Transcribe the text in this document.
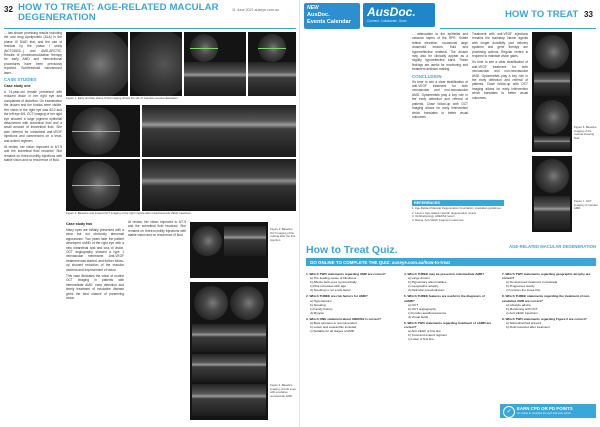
32 HOW TO TREAT: AGE-RELATED MACULAR DEGENERATION
11 June 2021 auseye.com.au

... has shown promising results including the oral drug Apoliprotein (ALA) in the phase III DIAD trial, and the use of residual by the phase I study (NCT04503...) and AMD-ARCTIC. Results of photobiomodulation therapy for early AMD and interventional procedures have been previously reported. Subthreshold nanosecond laser...

CASE STUDIES
Case study one

A 74-year-old female presented with reduced vision in her right eye and complained of distortion. On examination the drusen and the fundus were visible. Her vision in the right eye was 6/12 and the left eye 6/6. OCT imaging of her right eye showed a large pigment epithelial detachment with subretinal fluid and a small amount of intraretinal fluid. She was referred for intravitreal anti-VEGF injections and commenced on a treat-and-extend regimen.

At review, her vision improved to 6/7.5 and the subretinal fluid resolved. She remains on three-monthly injections with stable vision and no recurrence of fluid.

Figure 1. Early and late phase ICGA imaging shows the site of macular neovascularisation.
Figure 2. Baseline and treated OCT imaging of the right macula after intravitreal anti-VEGF treatment.
Case study two

Many eyes are initially presented with a clear but not obviously abnormal appearance. Two years later the patient developed nAMD of the right eye with a new intraretinal cyst and loss of vision. OCT angiography showed a type 1 neovascular membrane. Anti-VEGF treatment was started, and further follow-up showed reduction of the macular oedema and improvement of vision.

This case illustrates the value of routine OCT imaging in patients with intermediate AMD: early detection and timely treatment of exudative disease gives the best chance of preserving vision.

At review, her vision improved to 6/7.5 and the subretinal fluid resolved. She remains on three-monthly injections with stable vision and no recurrence of fluid.

Figure 3. Baseline OCT imaging of the macula after the first injection.
Figure 4. Baseline imaging of both eyes with exudative neovascular AMD.
NEW
AusDoc.
Events Calendar
AusDoc.
Connect. Collaborate. Grow.
HOW TO TREAT 33

... attenuation to the epithelial and vascular layers of the RPE. Subtle retinal elevation, occasional large drusenoid lesions, fluid and hyperreflective material. The drusen may also be clinically appear as a slightly hyporeflective band. These findings are useful for monitoring and treatment decision making.

CONCLUSION

It's time to see a clear stratification of anti-VEGF treatment for both neovascular and non-neovascular AMD. Optometrists play a key role in the early detection and referral of patients. Close follow-up with OCT imaging allows for early intervention which translates to better visual outcomes.

Treatment with anti-VEGF injections remains the mainstay. Newer agents with longer durability, port delivery systems and gene therapy are promising options. Regular review is required to maintain vision gains.

It's time to see a clear stratification of anti-VEGF treatment for both neovascular and non-neovascular AMD. Optometrists play a key role in the early detection and referral of patients. Close follow-up with OCT imaging allows for early intervention which translates to better visual outcomes.

Figure 6. Baseline imaging of the macula showing fluid.
Figure 7. OCT imaging of macular AMD.
REFERENCES
1. Age-Related Macular Degeneration Foundation. Australian guidelines.
2. Lancet. Age-related macular degeneration review.
3. Ophthalmology. AREDS2 report.
4. Retina. Anti-VEGF treatment outcomes.
How to Treat Quiz.	AGE-RELATED MACULAR DEGENERATION
GO ONLINE TO COMPLETE THE QUIZ: auseye.com.au/how-to-treat
1. Which TWO statements regarding AMD are correct?
a) The leading cause of blindness
b) Affects both eyes symmetrically
c) Risk increases with age
d) Smoking is not a risk factor
2. Which THREE are risk factors for AMD?
a) Hypertension
b) Smoking
c) Family history
d) Myopia
3. Which ONE statement about AREDS2 is correct?
a) Beta carotene is recommended
b) Lutein and zeaxanthin included
c) Suitable for all stages of AMD
4. Which THREE may be present in intermediate AMD?
a) Large drusen
b) Pigmentary abnormalities
c) Geographic atrophy
d) Reticular pseudodrusen
5. Which THREE features are useful in the diagnosis of nAMD?
a) OCT
b) OCT angiography
c) Fundus autofluorescence
d) Visual fields
6. Which TWO statements regarding treatment of nAMD are correct?
a) Anti-VEGF is first line
b) Treat and extend regimen
c) Laser is first line
7. Which TWO statements regarding geographic atrophy are correct?
a) No approved treatment in Australia
b) Progresses slowly
c) Involves the fovea first
8. Which THREE statements regarding the treatment of non-exudative AMD are correct?
a) Lifestyle advice
b) Monitoring with OCT
c) Anti-VEGF injections
9. Which TWO statements regarding Figure 2 are correct?
a) Subretinal fluid present
b) Fluid resolved after treatment
✓
EARN CPD OR PD POINTS
Go online to complete the quiz and earn points.
